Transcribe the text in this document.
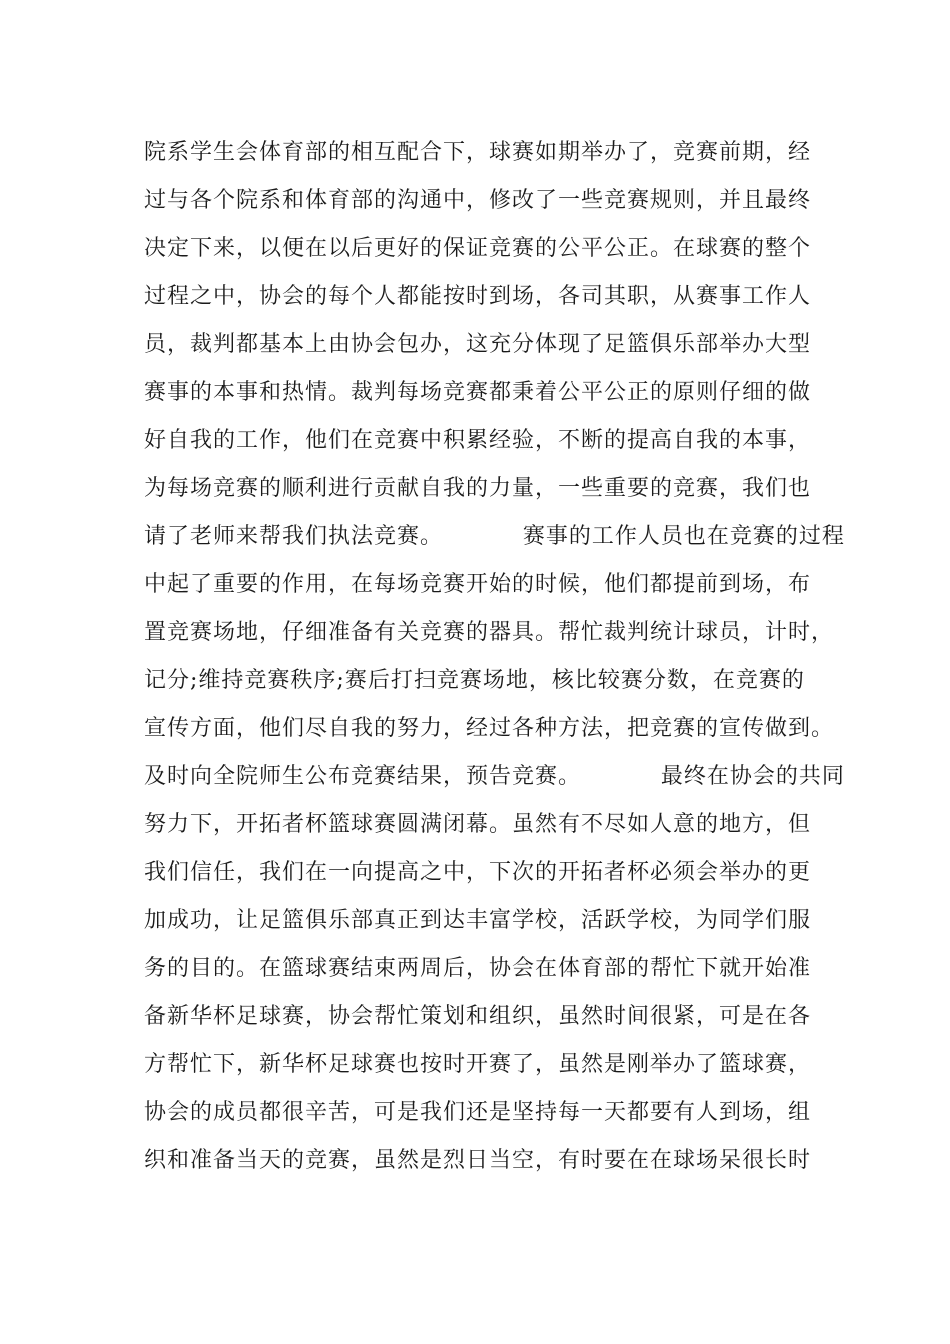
院系学生会体育部的相互配合下，球赛如期举办了，竞赛前期，经
过与各个院系和体育部的沟通中，修改了一些竞赛规则，并且最终
决定下来，以便在以后更好的保证竞赛的公平公正。在球赛的整个
过程之中，协会的每个人都能按时到场，各司其职，从赛事工作人
员，裁判都基本上由协会包办，这充分体现了足篮俱乐部举办大型
赛事的本事和热情。裁判每场竞赛都秉着公平公正的原则仔细的做
好自我的工作，他们在竞赛中积累经验，不断的提高自我的本事，
为每场竞赛的顺利进行贡献自我的力量，一些重要的竞赛，我们也
请了老师来帮我们执法竞赛。          赛事的工作人员也在竞赛的过程
中起了重要的作用，在每场竞赛开始的时候，他们都提前到场，布
置竞赛场地，仔细准备有关竞赛的器具。帮忙裁判统计球员，计时，
记分;维持竞赛秩序;赛后打扫竞赛场地，核比较赛分数，在竞赛的
宣传方面，他们尽自我的努力，经过各种方法，把竞赛的宣传做到。
及时向全院师生公布竞赛结果，预告竞赛。          最终在协会的共同
努力下，开拓者杯篮球赛圆满闭幕。虽然有不尽如人意的地方，但
我们信任，我们在一向提高之中，下次的开拓者杯必须会举办的更
加成功，让足篮俱乐部真正到达丰富学校，活跃学校，为同学们服
务的目的。在篮球赛结束两周后，协会在体育部的帮忙下就开始准
备新华杯足球赛，协会帮忙策划和组织，虽然时间很紧，可是在各
方帮忙下，新华杯足球赛也按时开赛了，虽然是刚举办了篮球赛，
协会的成员都很辛苦，可是我们还是坚持每一天都要有人到场，组
织和准备当天的竞赛，虽然是烈日当空，有时要在在球场呆很长时
